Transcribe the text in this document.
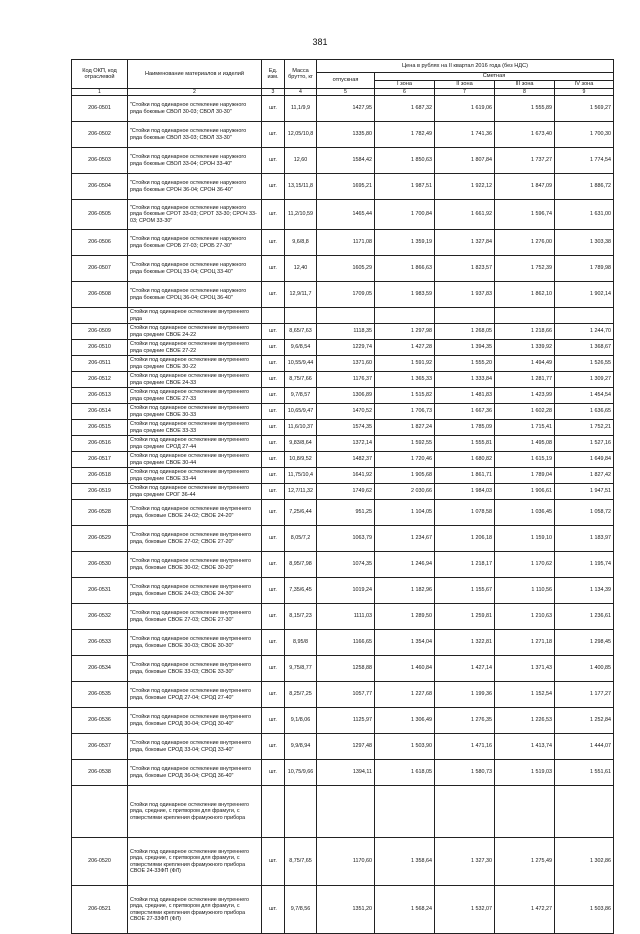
381
Код ОКП, код отраслевой	Наименование материалов и изделий	Ед. изм.	Масса брутто, кг	Цена в рублях на II квартал 2016 года (без НДС)				
				отпускная	Сметная			
					I зона	II зона	III зона	IV зона
1	2	3	4	5	6	7	8	9
206-0501	"Стойки под одинарное остекление наружного ряда боковые СВОЛ 30-03; СВОЛ 30-30"	шт.	11,1/9,9	1427,95	1 687,32	1 619,06	1 555,89	1 569,27
206-0502	"Стойки под одинарное остекление наружного ряда боковые СВОЛ 33-03; СВОЛ 33-30"	шт.	12,05/10,8	1335,80	1 782,49	1 741,36	1 673,40	1 700,30
206-0503	"Стойки под одинарное остекление наружного ряда боковые СВОЛ 33-04; СРОН 33-40"	шт.	12,60	1584,42	1 850,63	1 807,84	1 737,27	1 774,54
206-0504	"Стойки под одинарное остекление наружного ряда боковые СРОН 36-04; СРОН 36-40"	шт.	13,15/11,8	1695,21	1 987,51	1 922,12	1 847,09	1 886,72
206-0505	"Стойки под одинарное остекление наружного ряда боковые СРОТ 33-03; СРОТ 33-30; СРОЧ 33-03; СРОМ 33-30"	шт.	11,2/10,59	1465,44	1 700,84	1 661,92	1 596,74	1 631,00
206-0506	"Стойки под одинарное остекление наружного ряда боковые СРОБ 27-03; СРОБ 27-30"	шт.	9,6/8,8	1171,08	1 359,19	1 327,84	1 276,00	1 303,38
206-0507	"Стойки под одинарное остекление наружного ряда боковые СРОЦ 33-04; СРОЦ 33-40"	шт.	12,40	1605,29	1 866,63	1 823,57	1 752,39	1 789,98
206-0508	"Стойки под одинарное остекление наружного ряда боковые СРОЦ 36-04; СРОЦ 36-40"	шт.	12,9/11,7	1709,05	1 983,59	1 937,83	1 862,10	1 902,14
	Стойки под одинарное остекление внутреннего ряда							
206-0509	Стойки под одинарное остекление внутреннего ряда средние СВОЕ 24-22	шт.	8,65/7,63	1118,35	1 297,98	1 268,05	1 218,66	1 244,70
206-0510	Стойки под одинарное остекление внутреннего ряда средние СВОЕ 27-22	шт.	9,6/8,54	1229,74	1 427,28	1 394,35	1 339,92	1 368,67
206-0511	Стойки под одинарное остекление внутреннего ряда средние СВОЕ 30-22	шт.	10,55/9,44	1371,60	1 591,92	1 555,20	1 494,49	1 526,55
206-0512	Стойки под одинарное остекление внутреннего ряда средние СВОЕ 24-33	шт.	8,75/7,66	1176,37	1 365,33	1 333,84	1 281,77	1 309,27
206-0513	Стойки под одинарное остекление внутреннего ряда средние СВОЕ 27-33	шт.	9,7/8,57	1306,89	1 515,82	1 481,83	1 423,99	1 454,54
206-0514	Стойки под одинарное остекление внутреннего ряда средние СВОЕ 30-33	шт.	10,65/9,47	1470,52	1 706,73	1 667,36	1 602,28	1 636,65
206-0515	Стойки под одинарное остекление внутреннего ряда средние СВОЕ 33-33	шт.	11,6/10,37	1574,35	1 827,24	1 785,09	1 715,41	1 752,21
206-0516	Стойки под одинарное остекление внутреннего ряда средние СРОД 27-44	шт.	9,83/8,64	1372,14	1 592,55	1 555,81	1 495,08	1 527,16
206-0517	Стойки под одинарное остекление внутреннего ряда средние СВОЕ 30-44	шт.	10,8/9,52	1482,37	1 720,46	1 680,82	1 615,19	1 649,84
206-0518	Стойки под одинарное остекление внутреннего ряда средние СВОЕ 33-44	шт.	11,75/10,4	1641,92	1 905,68	1 861,71	1 789,04	1 827,42
206-0519	Стойки под одинарное остекление внутреннего ряда средние СРОГ 36-44	шт.	12,7/11,32	1749,62	2 030,66	1 984,03	1 906,61	1 947,51
206-0528	"Стойки под одинарное остекление внутреннего ряда, боковые СВОЕ 24-02; СВОЕ 24-20"	шт.	7,25/6,44	951,25	1 104,05	1 078,58	1 036,45	1 058,72
206-0529	"Стойки под одинарное остекление внутреннего ряда, боковые СВОЕ 27-02; СВОЕ 27-20"	шт.	8,05/7,2	1063,79	1 234,67	1 206,18	1 159,10	1 183,97
206-0530	"Стойки под одинарное остекление внутреннего ряда, боковые СВОЕ 30-02; СВОЕ 30-20"	шт.	8,95/7,98	1074,35	1 246,94	1 218,17	1 170,62	1 195,74
206-0531	"Стойки под одинарное остекление внутреннего ряда, боковые СВОЕ 24-03; СВОЕ 24-30"	шт.	7,35/6,45	1019,24	1 182,96	1 155,67	1 110,56	1 134,39
206-0532	"Стойки под одинарное остекление внутреннего ряда, боковые СВОЕ 27-03; СВОЕ 27-30"	шт.	8,15/7,23	1111,03	1 289,50	1 259,81	1 210,63	1 236,61
206-0533	"Стойки под одинарное остекление внутреннего ряда, боковые СВОЕ 30-03; СВОЕ 30-30"	шт.	8,95/8	1166,65	1 354,04	1 322,81	1 271,18	1 298,45
206-0534	"Стойки под одинарное остекление внутреннего ряда, боковые СВОЕ 33-03; СВОЕ 33-30"	шт.	9,75/8,77	1258,88	1 460,84	1 427,14	1 371,43	1 400,85
206-0535	"Стойки под одинарное остекление внутреннего ряда, боковые СРОД 27-04; СРОД 27-40"	шт.	8,25/7,25	1057,77	1 227,68	1 199,36	1 152,54	1 177,27
206-0536	"Стойки под одинарное остекление внутреннего ряда, боковые СРОД 30-04; СРОД 30-40"	шт.	9,1/8,06	1125,97	1 306,49	1 276,35	1 226,53	1 252,84
206-0537	"Стойки под одинарное остекление внутреннего ряда, боковые СРОД 33-04; СРОД 33-40"	шт.	9,9/8,94	1297,48	1 503,90	1 471,16	1 413,74	1 444,07
206-0538	"Стойки под одинарное остекление внутреннего ряда, боковые СРОД 36-04; СРОД 36-40"	шт.	10,75/9,66	1394,11	1 618,05	1 580,73	1 519,03	1 551,61
	Стойки под одинарное остекление внутреннего ряда, средние, с притвором для фрамуги, с отверстиями крепления фрамужного прибора							
206-0520	Стойки под одинарное остекление внутреннего ряда, средние, с притвором для фрамуги, с отверстиями крепления фрамужного прибора СВОЕ 24-33ФП (ФЛ)	шт.	8,75/7,65	1170,60	1 358,64	1 327,30	1 275,49	1 302,86
206-0521	Стойки под одинарное остекление внутреннего ряда, средние, с притвором для фрамуги, с отверстиями крепления фрамужного прибора СВОЕ 27-33ФП (ФЛ)	шт.	9,7/8,56	1351,20	1 568,24	1 532,07	1 472,27	1 503,86
